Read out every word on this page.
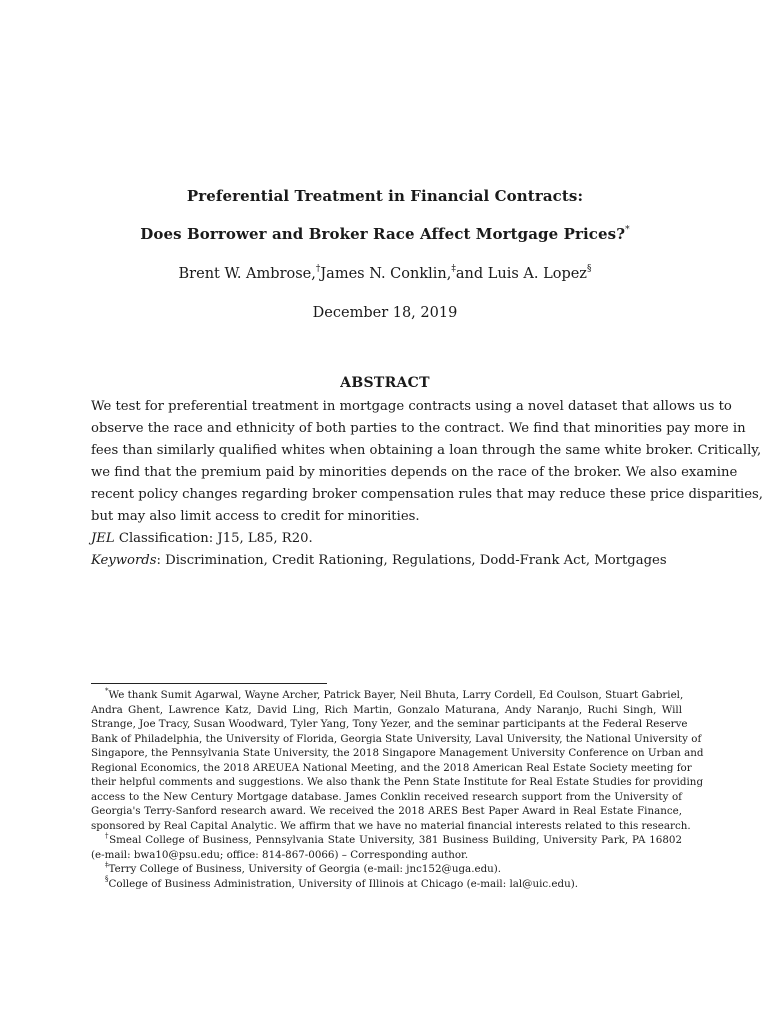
Preferential Treatment in Financial Contracts:
Does Borrower and Broker Race Affect Mortgage Prices?*
Brent W. Ambrose,†James N. Conklin,‡and Luis A. Lopez§
December 18, 2019
ABSTRACT
We test for preferential treatment in mortgage contracts using a novel dataset that allows us to
observe the race and ethnicity of both parties to the contract. We find that minorities pay more in
fees than similarly qualified whites when obtaining a loan through the same white broker. Critically,
we find that the premium paid by minorities depends on the race of the broker. We also examine
recent policy changes regarding broker compensation rules that may reduce these price disparities,
but may also limit access to credit for minorities.
JEL Classification: J15, L85, R20.
Keywords: Discrimination, Credit Rationing, Regulations, Dodd-Frank Act, Mortgages
*We thank Sumit Agarwal, Wayne Archer, Patrick Bayer, Neil Bhuta, Larry Cordell, Ed Coulson, Stuart Gabriel,
Andra Ghent, Lawrence Katz, David Ling, Rich Martin, Gonzalo Maturana, Andy Naranjo, Ruchi Singh, Will
Strange, Joe Tracy, Susan Woodward, Tyler Yang, Tony Yezer, and the seminar participants at the Federal Reserve
Bank of Philadelphia, the University of Florida, Georgia State University, Laval University, the National University of
Singapore, the Pennsylvania State University, the 2018 Singapore Management University Conference on Urban and
Regional Economics, the 2018 AREUEA National Meeting, and the 2018 American Real Estate Society meeting for
their helpful comments and suggestions. We also thank the Penn State Institute for Real Estate Studies for providing
access to the New Century Mortgage database. James Conklin received research support from the University of
Georgia's Terry-Sanford research award. We received the 2018 ARES Best Paper Award in Real Estate Finance,
sponsored by Real Capital Analytic. We affirm that we have no material financial interests related to this research.
†Smeal College of Business, Pennsylvania State University, 381 Business Building, University Park, PA 16802
(e-mail: bwa10@psu.edu; office: 814-867-0066) – Corresponding author.
‡Terry College of Business, University of Georgia (e-mail: jnc152@uga.edu).
§College of Business Administration, University of Illinois at Chicago (e-mail: lal@uic.edu).
